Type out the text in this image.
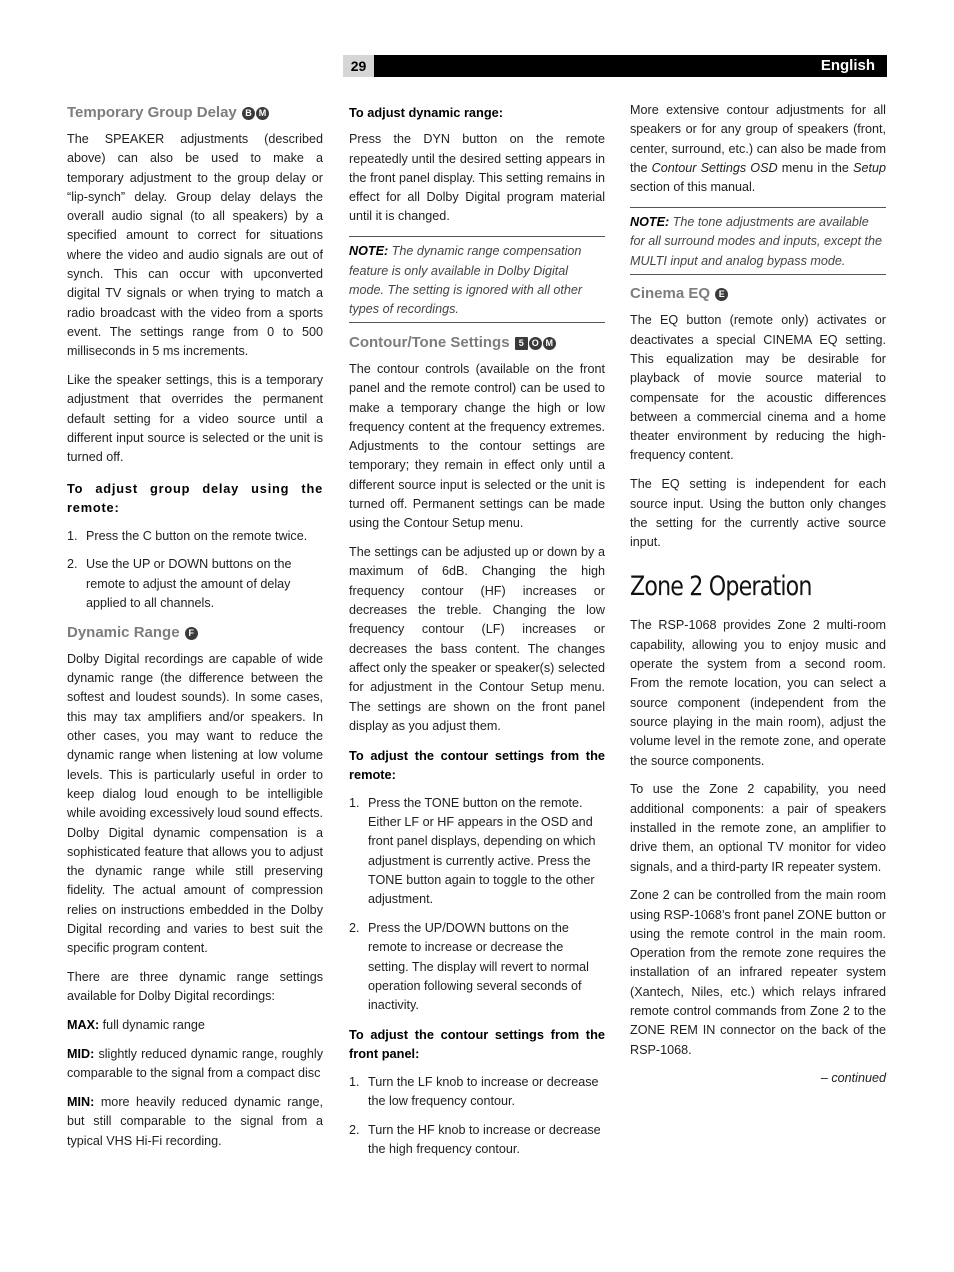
29	English
Temporary Group Delay B M

The SPEAKER adjustments (described above) can also be used to make a temporary adjustment to the group delay or “lip-synch” delay. Group delay delays the overall audio signal (to all speakers) by a specified amount to correct for situations where the video and audio signals are out of synch. This can occur with upconverted digital TV signals or when trying to match a radio broadcast with the video from a sports event. The settings range from 0 to 500 milliseconds in 5 ms increments.

Like the speaker settings, this is a temporary adjustment that overrides the permanent default setting for a video source until a different input source is selected or the unit is turned off.

To adjust group delay using the remote:

1. Press the C button on the remote twice.
2. Use the UP or DOWN buttons on the remote to adjust the amount of delay applied to all channels.
Dynamic Range F

Dolby Digital recordings are capable of wide dynamic range (the difference between the softest and loudest sounds). In some cases, this may tax amplifiers and/or speakers. In other cases, you may want to reduce the dynamic range when listening at low volume levels. This is particularly useful in order to keep dialog loud enough to be intelligible while avoiding excessively loud sound effects. Dolby Digital dynamic compensation is a sophisticated feature that allows you to adjust the dynamic range while still preserving fidelity. The actual amount of compression relies on instructions embedded in the Dolby Digital recording and varies to best suit the specific program content.

There are three dynamic range settings available for Dolby Digital recordings:

MAX: full dynamic range

MID: slightly reduced dynamic range, roughly comparable to the signal from a compact disc

MIN: more heavily reduced dynamic range, but still comparable to the signal from a typical VHS Hi-Fi recording.

To adjust dynamic range:

Press the DYN button on the remote repeatedly until the desired setting appears in the front panel display. This setting remains in effect for all Dolby Digital program material until it is changed.

NOTE: The dynamic range compensation feature is only available in Dolby Digital mode. The setting is ignored with all other types of recordings.

Contour/Tone Settings 5 O M

The contour controls (available on the front panel and the remote control) can be used to make a temporary change the high or low frequency content at the frequency extremes. Adjustments to the contour settings are temporary; they remain in effect only until a different source input is selected or the unit is turned off. Permanent settings can be made using the Contour Setup menu.

The settings can be adjusted up or down by a maximum of 6dB. Changing the high frequency contour (HF) increases or decreases the treble. Changing the low frequency contour (LF) increases or decreases the bass content. The changes affect only the speaker or speaker(s) selected for adjustment in the Contour Setup menu. The settings are shown on the front panel display as you adjust them.

To adjust the contour settings from the remote:

1. Press the TONE button on the remote. Either LF or HF appears in the OSD and front panel displays, depending on which adjustment is currently active. Press the TONE button again to toggle to the other adjustment.
2. Press the UP/DOWN buttons on the remote to increase or decrease the setting. The display will revert to normal operation following several seconds of inactivity.

To adjust the contour settings from the front panel:

1. Turn the LF knob to increase or decrease the low frequency contour.
2. Turn the HF knob to increase or decrease the high frequency contour.

More extensive contour adjustments for all speakers or for any group of speakers (front, center, surround, etc.) can also be made from the Contour Settings OSD menu in the Setup section of this manual.

NOTE: The tone adjustments are available for all surround modes and inputs, except the MULTI input and analog bypass mode.

Cinema EQ E

The EQ button (remote only) activates or deactivates a special CINEMA EQ setting. This equalization may be desirable for playback of movie source material to compensate for the acoustic differences between a commercial cinema and a home theater environment by reducing the high-frequency content.

The EQ setting is independent for each source input. Using the button only changes the setting for the currently active source input.

Zone 2 Operation

The RSP-1068 provides Zone 2 multi-room capability, allowing you to enjoy music and operate the system from a second room. From the remote location, you can select a source component (independent from the source playing in the main room), adjust the volume level in the remote zone, and operate the source components.

To use the Zone 2 capability, you need additional components: a pair of speakers installed in the remote zone, an amplifier to drive them, an optional TV monitor for video signals, and a third-party IR repeater system.

Zone 2 can be controlled from the main room using RSP-1068’s front panel ZONE button or using the remote control in the main room. Operation from the remote zone requires the installation of an infrared repeater system (Xantech, Niles, etc.) which relays infrared remote control commands from Zone 2 to the ZONE REM IN connector on the back of the RSP-1068.

– continued
